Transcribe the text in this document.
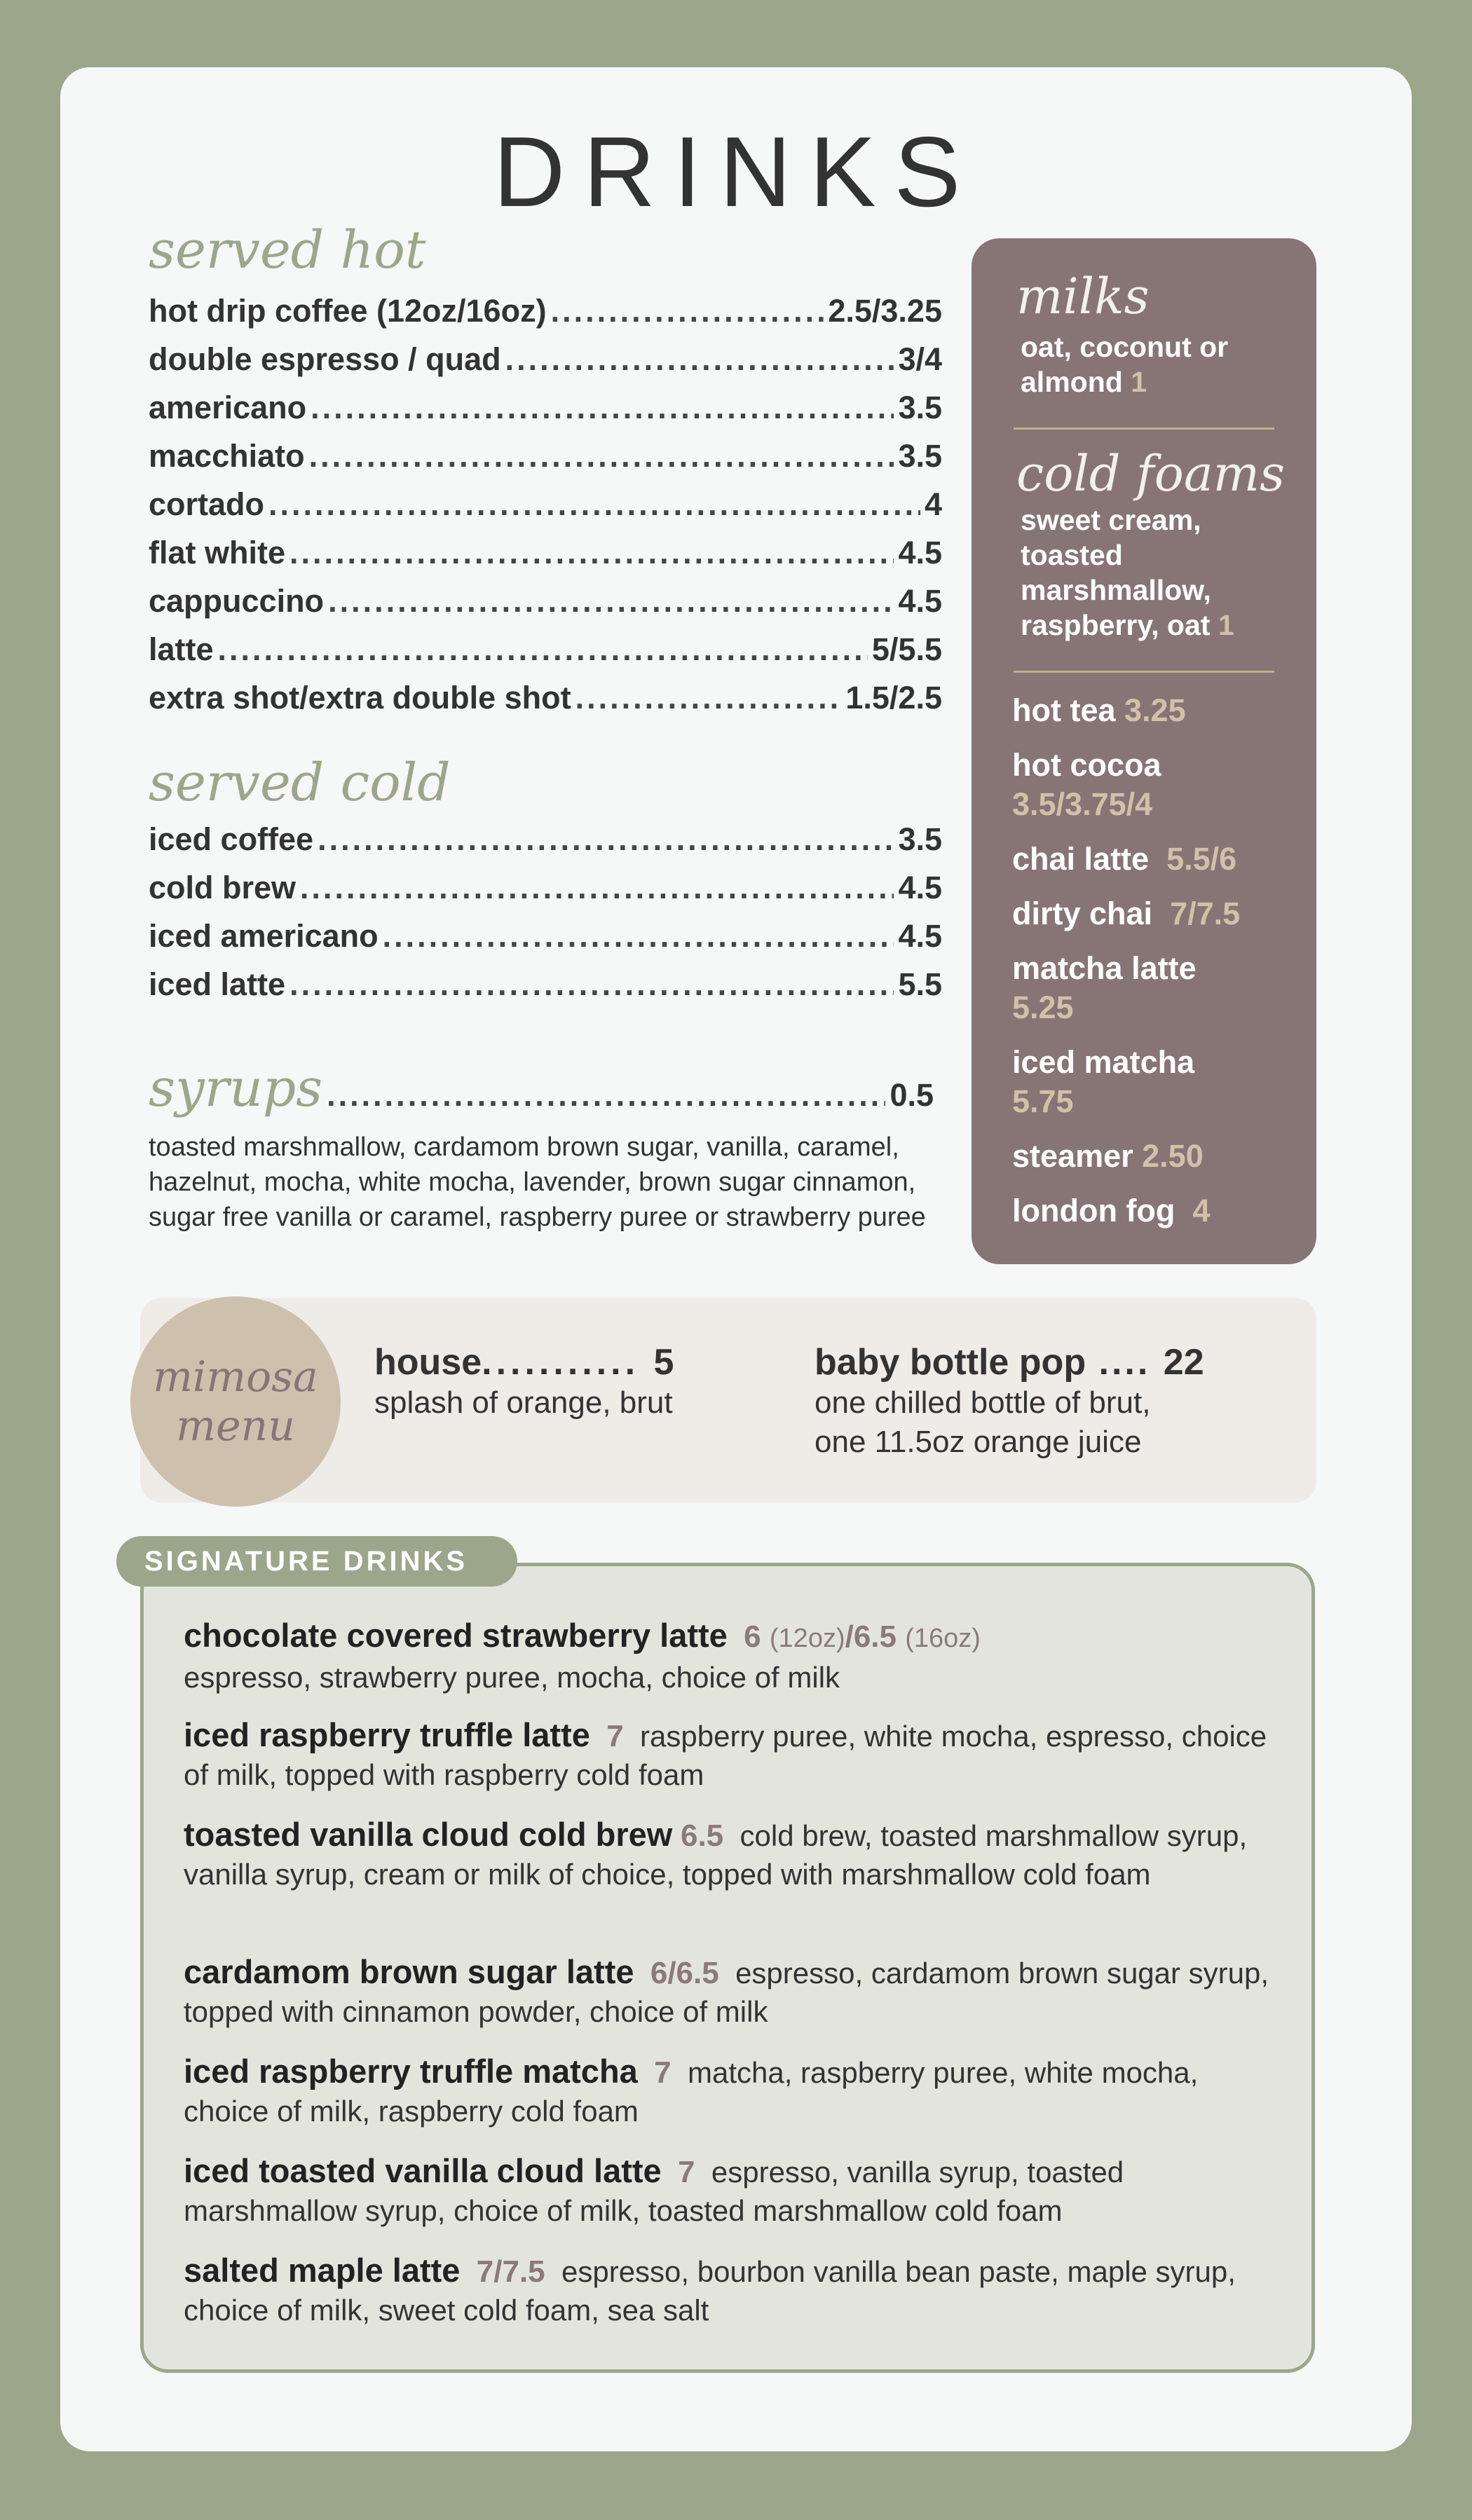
DRINKS
served hot
hot drip coffee (12oz/16oz) .....	2.5/3.25
double espresso / quad .....	3/4
americano .....	3.5
macchiato .....	3.5
cortado .....	4
flat white .....	4.5
cappuccino .....	4.5
latte .....	5/5.5
extra shot/extra double shot .....	1.5/2.5
served cold
iced coffee .....	3.5
cold brew .....	4.5
iced americano .....	4.5
iced latte .....	5.5
syrups .....	0.5
toasted marshmallow, cardamom brown sugar, vanilla, caramel, hazelnut, mocha, white mocha, lavender, brown sugar cinnamon, sugar free vanilla or caramel, raspberry puree or strawberry puree
milks
oat, coconut or almond 1
cold foams
sweet cream, toasted marshmallow, raspberry, oat 1
hot tea 3.25
hot cocoa
3.5/3.75/4
chai latte 5.5/6
dirty chai 7/7.5
matcha latte
5.25
iced matcha
5.75
steamer 2.50
london fog 4
mimosa
menu
house........... 5
splash of orange, brut
baby bottle pop .... 22
one chilled bottle of brut,
one 11.5oz orange juice
SIGNATURE DRINKS
chocolate covered strawberry latte 6 (12oz)/6.5 (16oz)
espresso, strawberry puree, mocha, choice of milk
iced raspberry truffle latte 7 raspberry puree, white mocha, espresso, choice of milk, topped with raspberry cold foam
toasted vanilla cloud cold brew 6.5 cold brew, toasted marshmallow syrup, vanilla syrup, cream or milk of choice, topped with marshmallow cold foam
cardamom brown sugar latte 6/6.5 espresso, cardamom brown sugar syrup, topped with cinnamon powder, choice of milk
iced raspberry truffle matcha 7 matcha, raspberry puree, white mocha, choice of milk, raspberry cold foam
iced toasted vanilla cloud latte 7 espresso, vanilla syrup, toasted marshmallow syrup, choice of milk, toasted marshmallow cold foam
salted maple latte 7/7.5 espresso, bourbon vanilla bean paste, maple syrup, choice of milk, sweet cold foam, sea salt
